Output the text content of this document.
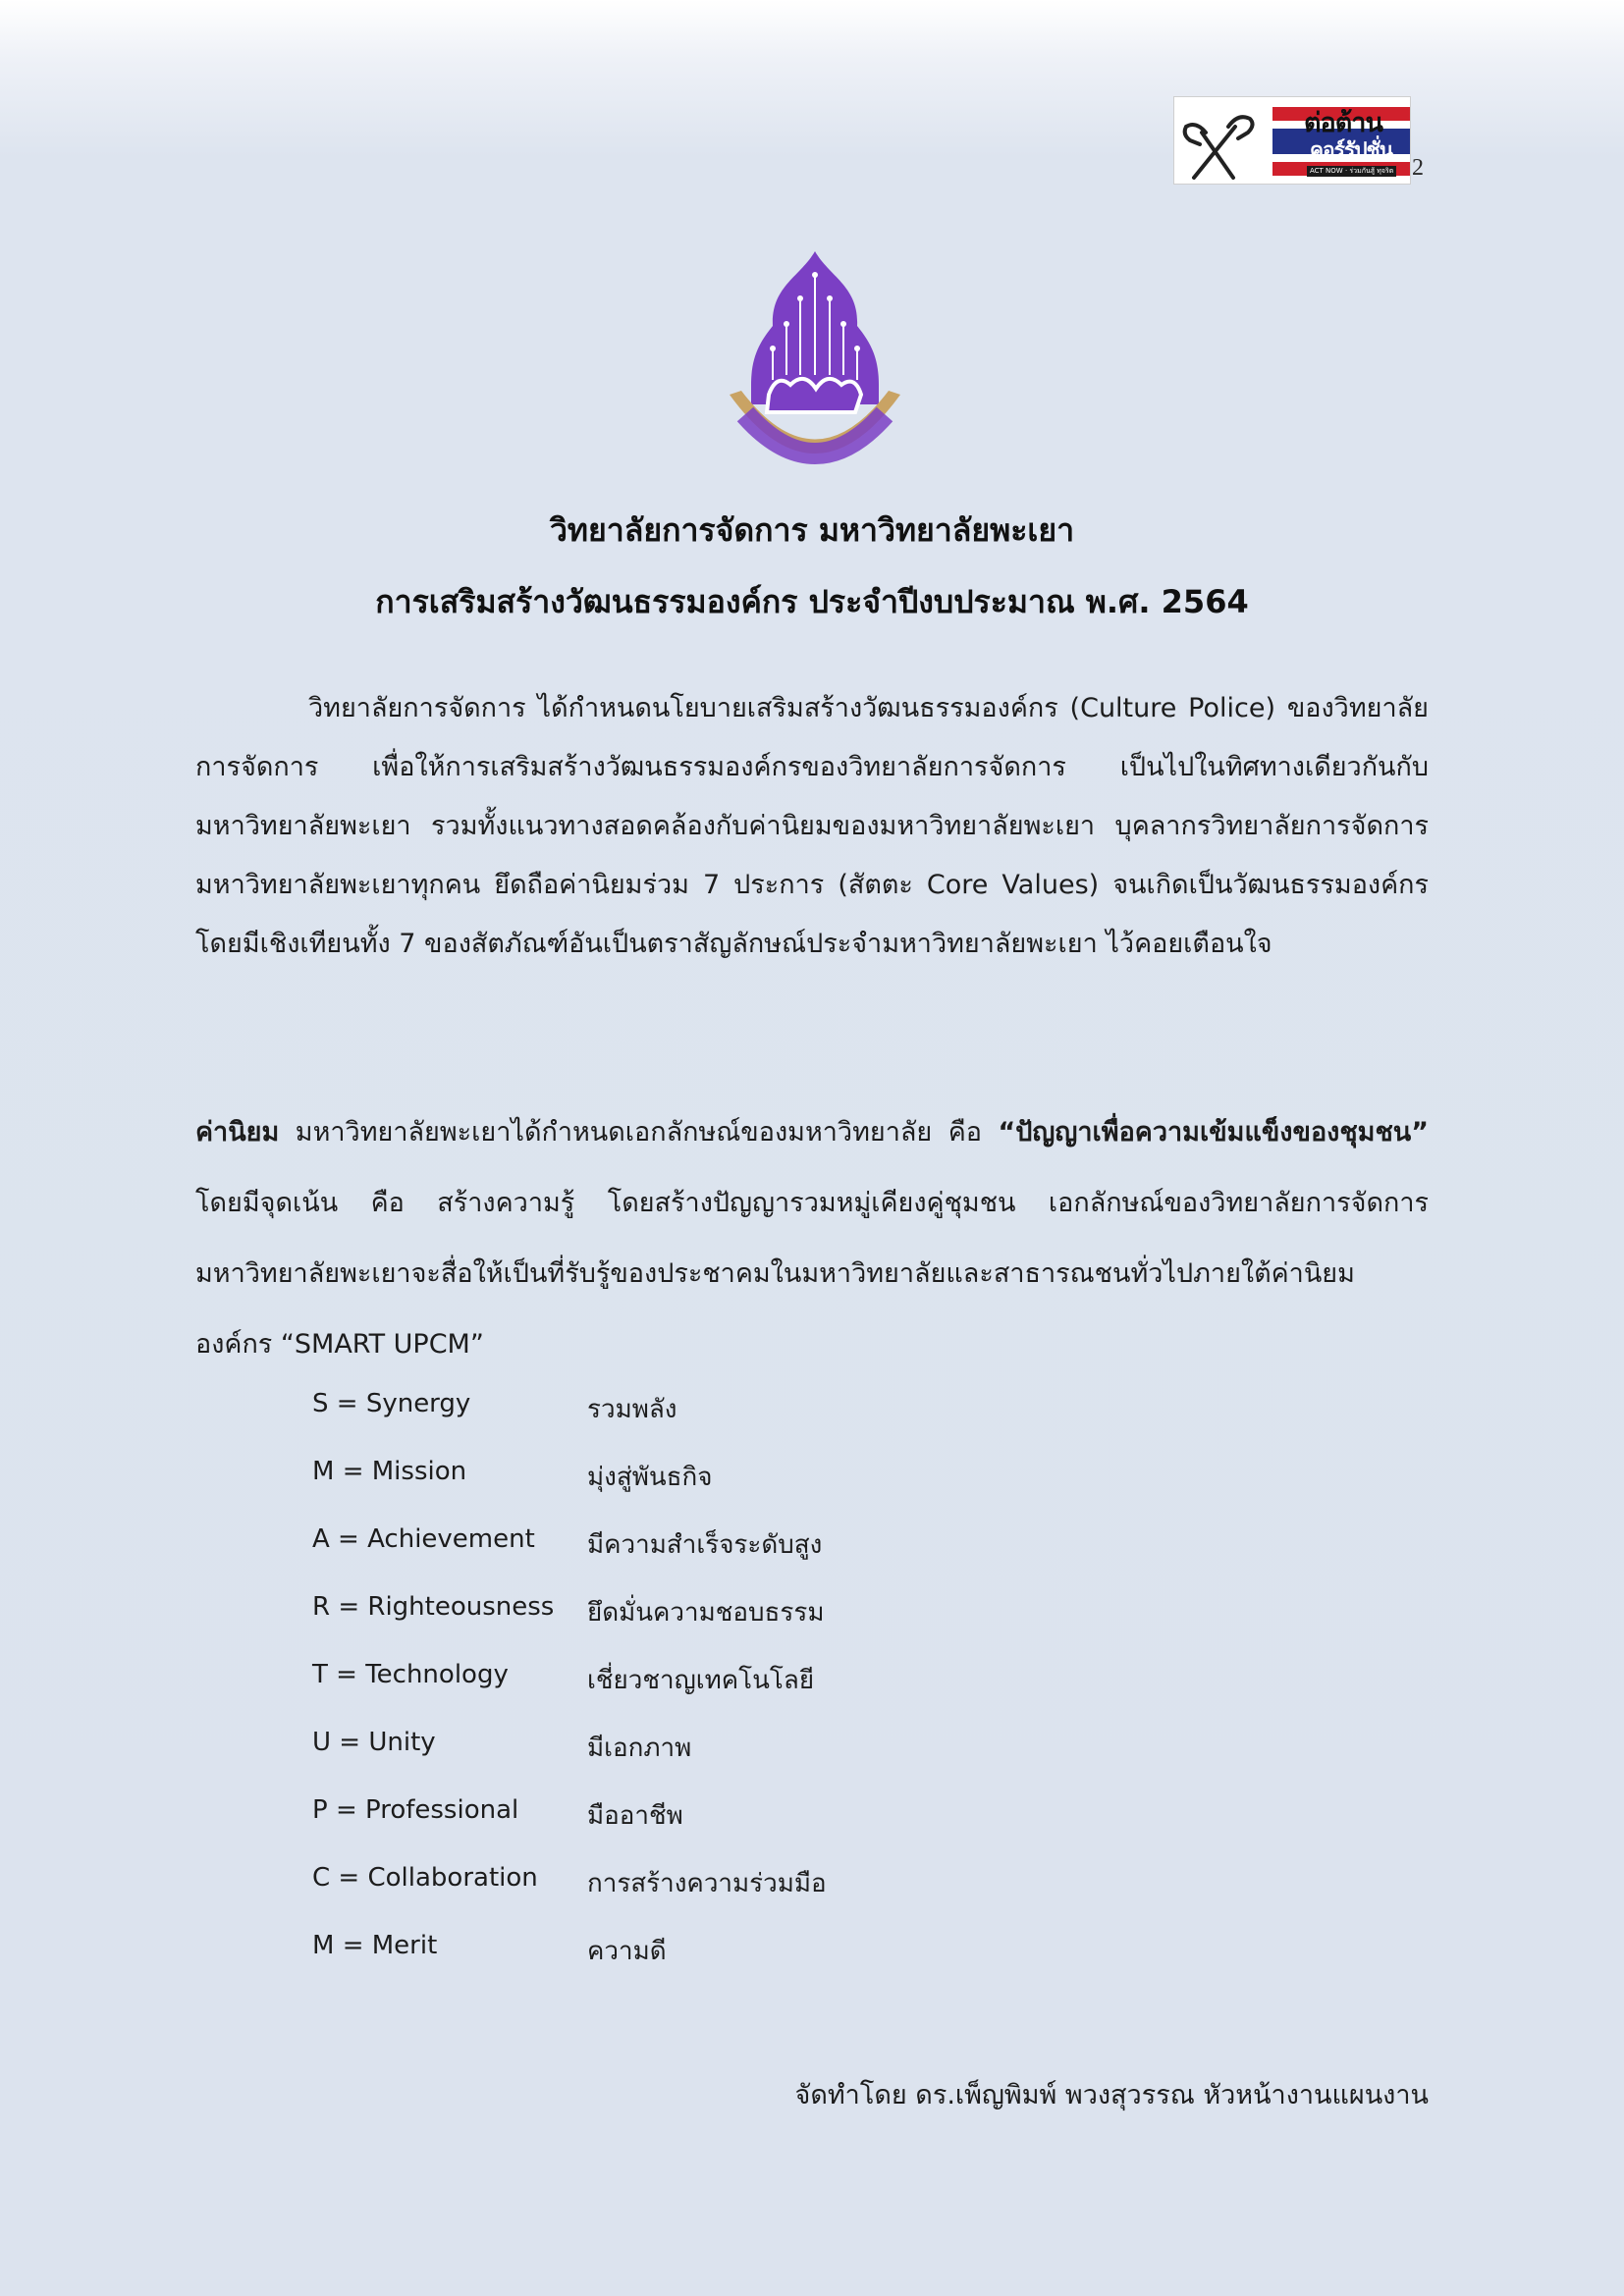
ต่อต้าน
คอร์รัปชั่น
ACT NOW · ร่วมกันสู้ ทุจริต 2
วิทยาลัยการจัดการ มหาวิทยาลัยพะเยา
การเสริมสร้างวัฒนธรรมองค์กร ประจำปีงบประมาณ พ.ศ. 2564
วิทยาลัยการจัดการ ได้กำหนดนโยบายเสริมสร้างวัฒนธรรมองค์กร (Culture Police) ของวิทยาลัยการจัดการ เพื่อให้การเสริมสร้างวัฒนธรรมองค์กรของวิทยาลัยการจัดการ เป็นไปในทิศทางเดียวกันกับมหาวิทยาลัยพะเยา รวมทั้งแนวทางสอดคล้องกับค่านิยมของมหาวิทยาลัยพะเยา บุคลากรวิทยาลัยการจัดการมหาวิทยาลัยพะเยาทุกคน ยึดถือค่านิยมร่วม 7 ประการ (สัตตะ Core Values) จนเกิดเป็นวัฒนธรรมองค์กร โดยมีเชิงเทียนทั้ง 7 ของสัตภัณฑ์อันเป็นตราสัญลักษณ์ประจำมหาวิทยาลัยพะเยา ไว้คอยเตือนใจ
ค่านิยม มหาวิทยาลัยพะเยาได้กำหนดเอกลักษณ์ของมหาวิทยาลัย คือ “ปัญญาเพื่อความเข้มแข็งของชุมชน” โดยมีจุดเน้น คือ สร้างความรู้ โดยสร้างปัญญารวมหมู่เคียงคู่ชุมชน เอกลักษณ์ของวิทยาลัยการจัดการ มหาวิทยาลัยพะเยาจะสื่อให้เป็นที่รับรู้ของประชาคมในมหาวิทยาลัยและสาธารณชนทั่วไปภายใต้ค่านิยมองค์กร “SMART UPCM”
S = Synergy	รวมพลัง
M = Mission	มุ่งสู่พันธกิจ
A = Achievement มีความสำเร็จระดับสูง
R = Righteousness ยึดมั่นความชอบธรรม
T = Technology	เชี่ยวชาญเทคโนโลยี
U = Unity	มีเอกภาพ
P = Professional	มืออาชีพ
C = Collaboration การสร้างความร่วมมือ
M = Merit	ความดี
จัดทำโดย ดร.เพ็ญพิมพ์ พวงสุวรรณ หัวหน้างานแผนงาน
